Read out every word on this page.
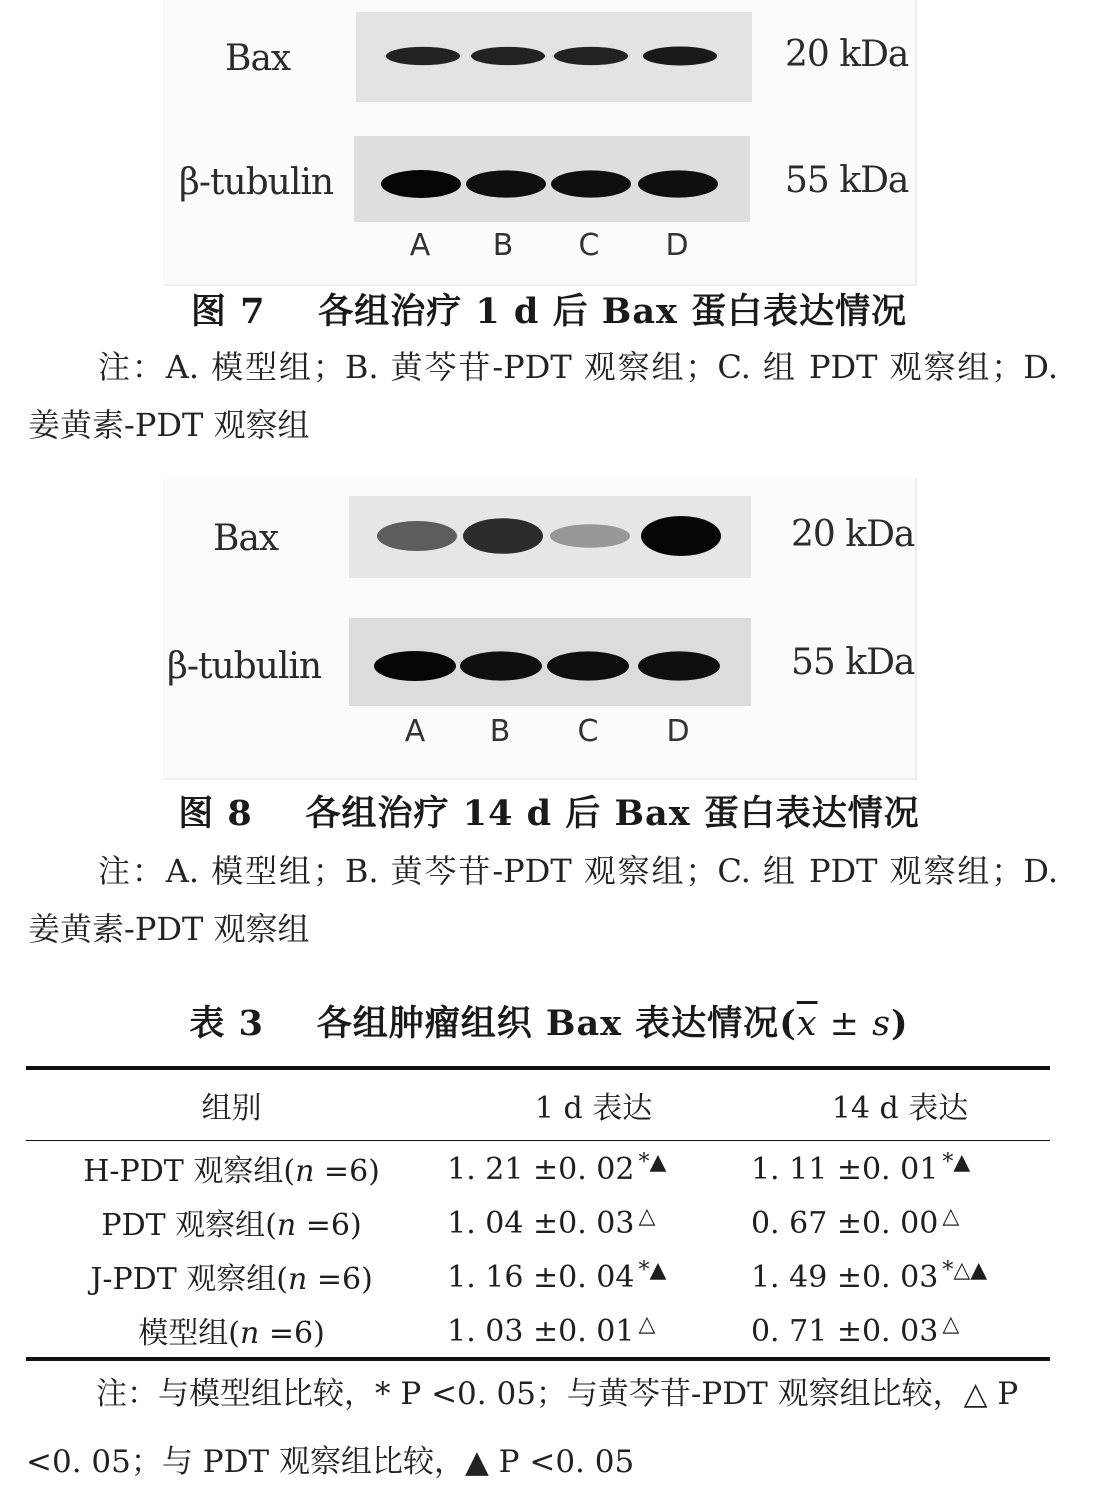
Bax
β-tubulin
20 kDa
55 kDa
A	B	C	D
图 7 各组治疗 1 d 后 Bax 蛋白表达情况
注：A. 模型组；B. 黄芩苷-PDT 观察组；C. 组 PDT 观察组；D. 姜黄素-PDT 观察组
Bax
β-tubulin
20 kDa
55 kDa
A	B	C	D
图 8 各组治疗 14 d 后 Bax 蛋白表达情况
注：A. 模型组；B. 黄芩苷-PDT 观察组；C. 组 PDT 观察组；D. 姜黄素-PDT 观察组
表 3 各组肿瘤组织 Bax 表达情况$(\overline{x} \pm s)$
组别	1 d 表达	14 d 表达
H-PDT 观察组(n =6)	1. 21 ±0. 02 *▲	1. 11 ±0. 01 *▲
PDT 观察组(n =6)	1. 04 ±0. 03 △	0. 67 ±0. 00 △
J-PDT 观察组(n =6)	1. 16 ±0. 04 *▲	1. 49 ±0. 03 *△▲
模型组(n =6)	1. 03 ±0. 01 △	0. 71 ±0. 03 △
注：与模型组比较，* P <0. 05；与黄芩苷-PDT 观察组比较，△ P <0. 05；与 PDT 观察组比较，▲ P <0. 05
